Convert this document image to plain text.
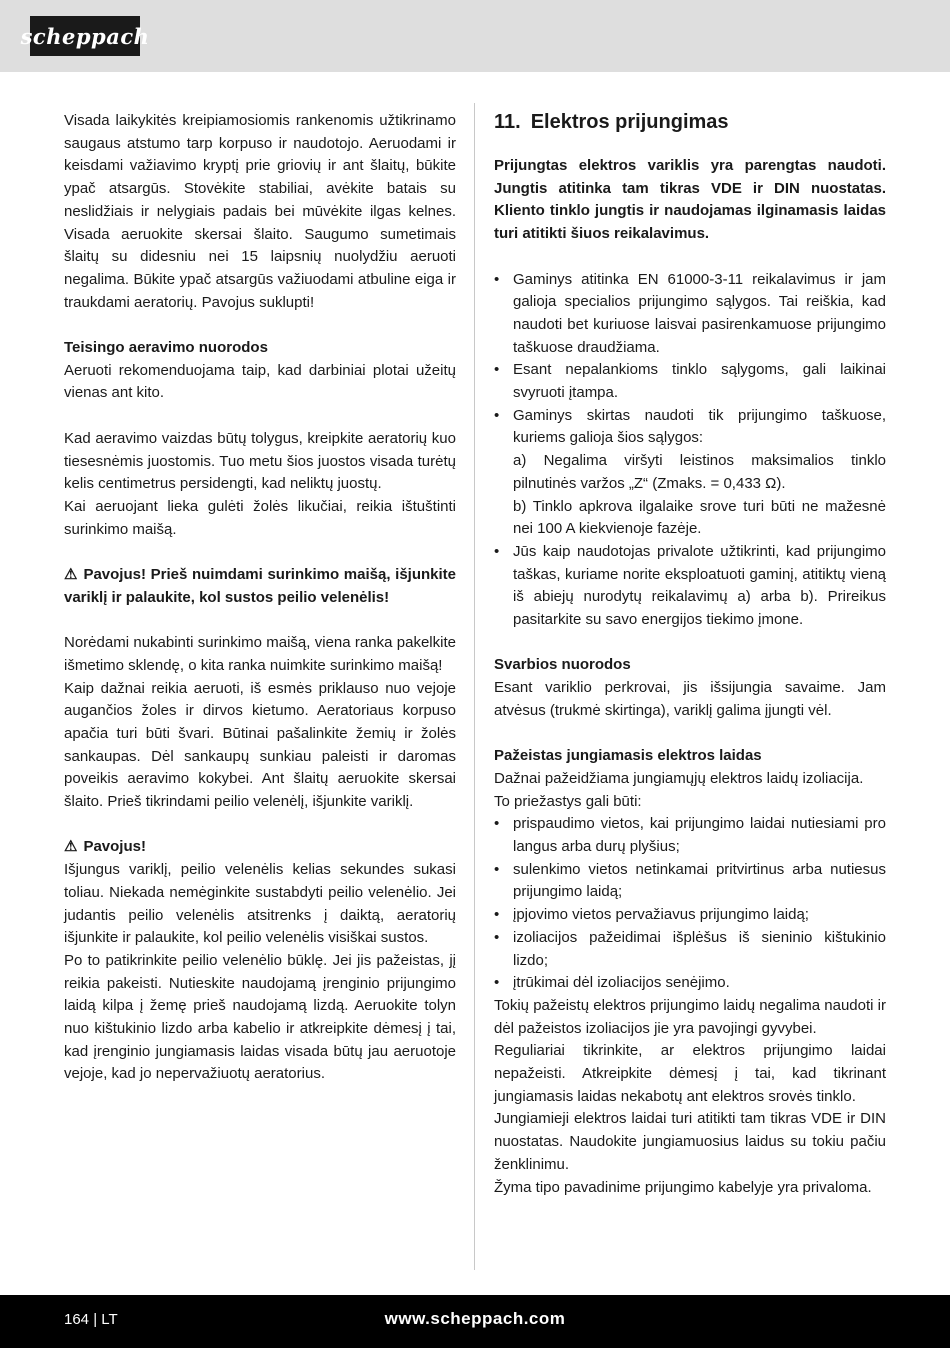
scheppach

Visada laikykitės kreipiamosiomis rankenomis užtikrinamo saugaus atstumo tarp korpuso ir naudotojo. Aeruodami ir keisdami važiavimo kryptį prie griovių ir ant šlaitų, būkite ypač atsargūs. Stovėkite stabiliai, avėkite batais su neslidžiais ir nelygiais padais bei mūvėkite ilgas kelnes. Visada aeruokite skersai šlaito. Saugumo sumetimais šlaitų su didesniu nei 15 laipsnių nuolydžiu aeruoti negalima. Būkite ypač atsargūs važiuodami atbuline eiga ir traukdami aeratorių. Pavojus suklupti!

Teisingo aeravimo nuorodos

Aeruoti rekomenduojama taip, kad darbiniai plotai užeitų vienas ant kito.

Kad aeravimo vaizdas būtų tolygus, kreipkite aeratorių kuo tiesesnėmis juostomis. Tuo metu šios juostos visada turėtų kelis centimetrus persidengti, kad neliktų juostų.

Kai aeruojant lieka gulėti žolės likučiai, reikia ištuštinti surinkimo maišą.

⚠ Pavojus! Prieš nuimdami surinkimo maišą, išjunkite variklį ir palaukite, kol sustos peilio velenėlis!

Norėdami nukabinti surinkimo maišą, viena ranka pakelkite išmetimo sklendę, o kita ranka nuimkite surinkimo maišą!

Kaip dažnai reikia aeruoti, iš esmės priklauso nuo vejoje augančios žoles ir dirvos kietumo. Aeratoriaus korpuso apačia turi būti švari. Būtinai pašalinkite žemių ir žolės sankaupas. Dėl sankaupų sunkiau paleisti ir daromas poveikis aeravimo kokybei. Ant šlaitų aeruokite skersai šlaito. Prieš tikrindami peilio velenėlį, išjunkite variklį.

⚠ Pavojus!

Išjungus variklį, peilio velenėlis kelias sekundes sukasi toliau. Niekada nemėginkite sustabdyti peilio velenėlio. Jei judantis peilio velenėlis atsitrenks į daiktą, aeratorių išjunkite ir palaukite, kol peilio velenėlis visiškai sustos.

Po to patikrinkite peilio velenėlio būklę. Jei jis pažeistas, jį reikia pakeisti. Nutieskite naudojamą įrenginio prijungimo laidą kilpa į žemę prieš naudojamą lizdą. Aeruokite tolyn nuo kištukinio lizdo arba kabelio ir atkreipkite dėmesį į tai, kad įrenginio jungiamasis laidas visada būtų jau aeruotoje vejoje, kad jo nepervažiuotų aeratorius.

11. Elektros prijungimas

Prijungtas elektros variklis yra parengtas naudoti. Jungtis atitinka tam tikras VDE ir DIN nuostatas. Kliento tinklo jungtis ir naudojamas ilginamasis laidas turi atitikti šiuos reikalavimus.

• Gaminys atitinka EN 61000-3-11 reikalavimus ir jam galioja specialios prijungimo sąlygos. Tai reiškia, kad naudoti bet kuriuose laisvai pasirenkamuose prijungimo taškuose draudžiama.
• Esant nepalankioms tinklo sąlygoms, gali laikinai svyruoti įtampa.
• Gaminys skirtas naudoti tik prijungimo taškuose, kuriems galioja šios sąlygos:
a) Negalima viršyti leistinos maksimalios tinklo pilnutinės varžos „Z“ (Zmaks. = 0,433 Ω).
b) Tinklo apkrova ilgalaike srove turi būti ne mažesnė nei 100 A kiekvienoje fazėje.
• Jūs kaip naudotojas privalote užtikrinti, kad prijungimo taškas, kuriame norite eksploatuoti gaminį, atitiktų vieną iš abiejų nurodytų reikalavimų a) arba b). Prireikus pasitarkite su savo energijos tiekimo įmone.

Svarbios nuorodos

Esant variklio perkrovai, jis išsijungia savaime. Jam atvėsus (trukmė skirtinga), variklį galima įjungti vėl.

Pažeistas jungiamasis elektros laidas

Dažnai pažeidžiama jungiamųjų elektros laidų izoliacija.

To priežastys gali būti:

• prispaudimo vietos, kai prijungimo laidai nutiesiami pro langus arba durų plyšius;
• sulenkimo vietos netinkamai pritvirtinus arba nutiesus prijungimo laidą;
• įpjovimo vietos pervažiavus prijungimo laidą;
• izoliacijos pažeidimai išplėšus iš sieninio kištukinio lizdo;
• įtrūkimai dėl izoliacijos senėjimo.

Tokių pažeistų elektros prijungimo laidų negalima naudoti ir dėl pažeistos izoliacijos jie yra pavojingi gyvybei.

Reguliariai tikrinkite, ar elektros prijungimo laidai nepažeisti. Atkreipkite dėmesį į tai, kad tikrinant jungiamasis laidas nekabotų ant elektros srovės tinklo.

Jungiamieji elektros laidai turi atitikti tam tikras VDE ir DIN nuostatas. Naudokite jungiamuosius laidus su tokiu pačiu ženklinimu.

Žyma tipo pavadinime prijungimo kabelyje yra privaloma.

164 | LT	www.scheppach.com
